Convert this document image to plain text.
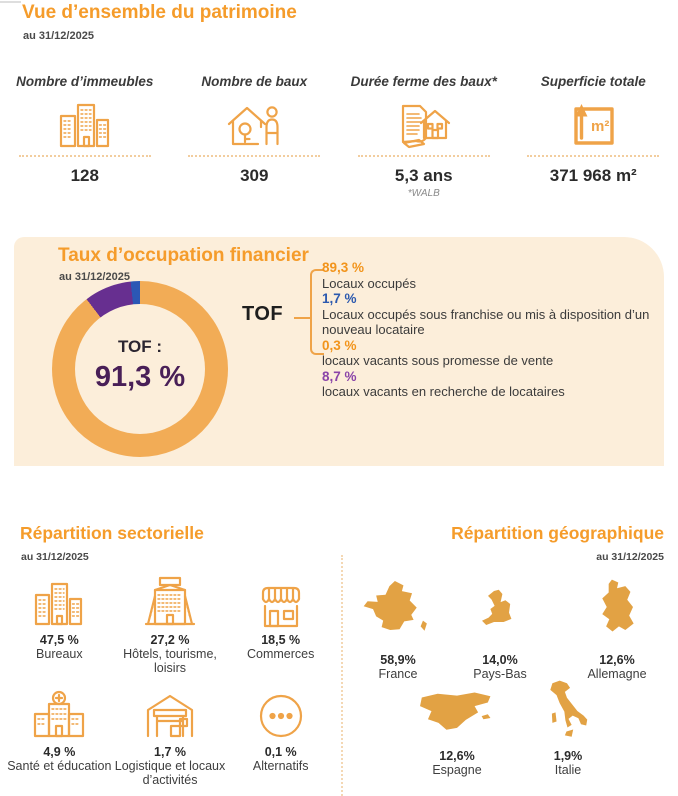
Vue d’ensemble du patrimoine
au 31/12/2025
Nombre d’immeubles
128
Nombre de baux
309
Durée ferme des baux*
5,3 ans
*WALB
Superficie totale
m²
371 968 m²
Taux d’occupation financier
au 31/12/2025
TOF :
91,3 %
TOF
89,3 %
Locaux occupés
1,7 %
Locaux occupés sous franchise ou mis à disposition d’un nouveau locataire
0,3 %
locaux vacants sous promesse de vente
8,7 %
locaux vacants en recherche de locataires
Répartition sectorielle
au 31/12/2025
47,5 %
Bureaux
27,2 %
Hôtels, tourisme, loisirs
18,5 %
Commerces
4,9 %
Santé et éducation
1,7 %
Logistique et locaux d’activités
0,1 %
Alternatifs
Répartition géographique
au 31/12/2025
58,9%
France
14,0%
Pays-Bas
12,6%
Allemagne
12,6%
Espagne
1,9%
Italie
